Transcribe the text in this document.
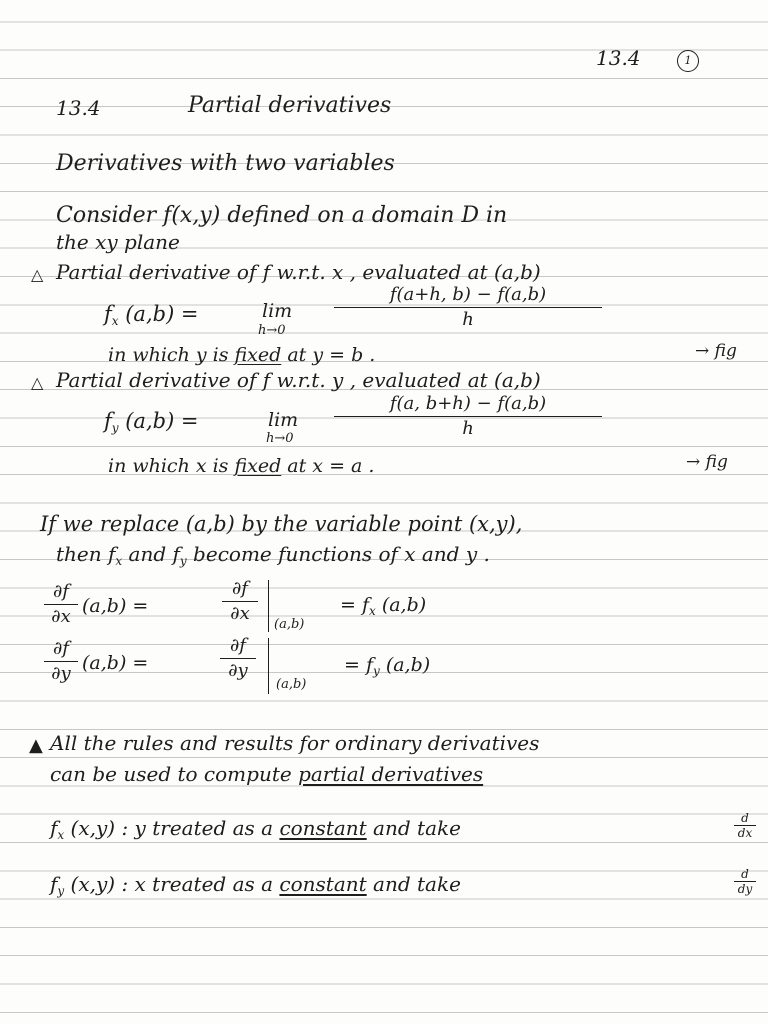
13.4	1
13.4	Partial derivatives
Derivatives with two variables
Consider f(x,y) defined on a domain D in
the xy plane
△ Partial derivative of f w.r.t. x , evaluated at (a,b)
$f_x$ (a,b) =	lim
h→0
f(a+h, b) − f(a,b)
h
in which y is fixed at y = b .	→ fig
△ Partial derivative of f w.r.t. y , evaluated at (a,b)
$f_y$ (a,b) =	lim
h→0
f(a, b+h) − f(a,b)
h
in which x is fixed at x = a .	→ fig
If we replace (a,b) by the variable point (x,y),
then $f_x$ and $f_y$ become functions of x and y .
∂f
∂x (a,b) =
∂f
∂x
(a,b)
= $f_x$ (a,b)
∂f
∂y (a,b) =
∂f
∂y
(a,b)
= $f_y$ (a,b)
▲ All the rules and results for ordinary derivatives
can be used to compute partial derivatives
$f_x$ (x,y) : y treated as a constant and take	d
dx
$f_y$ (x,y) : x treated as a constant and take	d
dy
